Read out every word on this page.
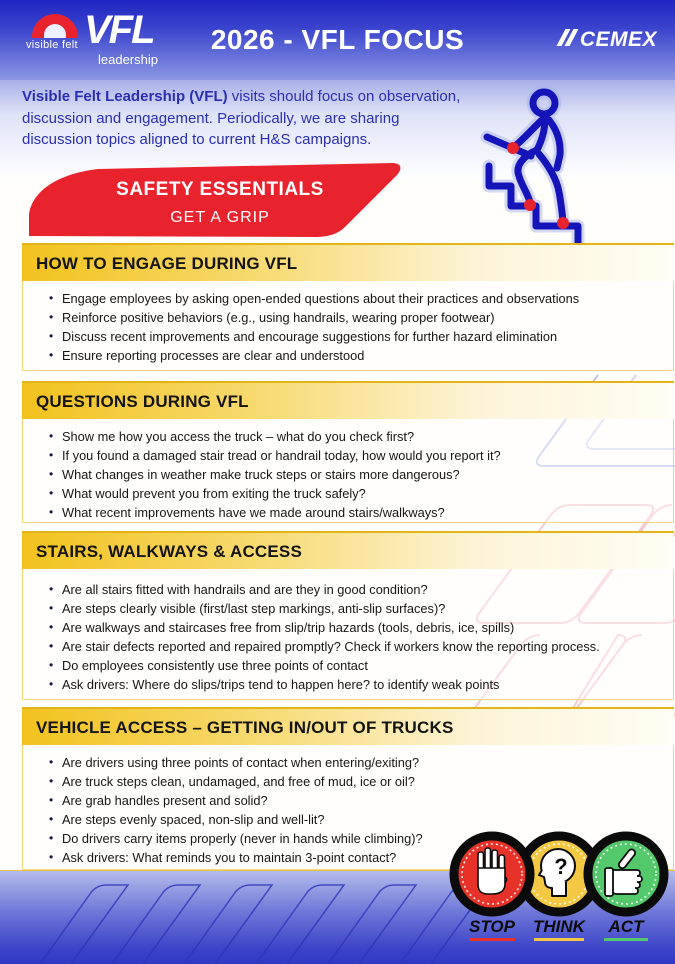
visible felt VFL
leadership
2026 - VFL FOCUS	CEMEX

Visible Felt Leadership (VFL) visits should focus on observation, discussion and engagement. Periodically, we are sharing discussion topics aligned to current H&S campaigns.

SAFETY ESSENTIALS
GET A GRIP
HOW TO ENGAGE DURING VFL
• Engage employees by asking open-ended questions about their practices and observations
• Reinforce positive behaviors (e.g., using handrails, wearing proper footwear)
• Discuss recent improvements and encourage suggestions for further hazard elimination
• Ensure reporting processes are clear and understood
QUESTIONS DURING VFL
• Show me how you access the truck – what do you check first?
• If you found a damaged stair tread or handrail today, how would you report it?
• What changes in weather make truck steps or stairs more dangerous?
• What would prevent you from exiting the truck safely?
• What recent improvements have we made around stairs/walkways?
STAIRS, WALKWAYS & ACCESS
• Are all stairs fitted with handrails and are they in good condition?
• Are steps clearly visible (first/last step markings, anti-slip surfaces)?
• Are walkways and staircases free from slip/trip hazards (tools, debris, ice, spills)
• Are stair defects reported and repaired promptly? Check if workers know the reporting process.
• Do employees consistently use three points of contact
• Ask drivers: Where do slips/trips tend to happen here? to identify weak points
VEHICLE ACCESS – GETTING IN/OUT OF TRUCKS
• Are drivers using three points of contact when entering/exiting?
• Are truck steps clean, undamaged, and free of mud, ice or oil?
• Are grab handles present and solid?
• Are steps evenly spaced, non-slip and well-lit?
• Do drivers carry items properly (never in hands while climbing)?
• Ask drivers: What reminds you to maintain 3-point contact?	?
STOP THINK ACT
